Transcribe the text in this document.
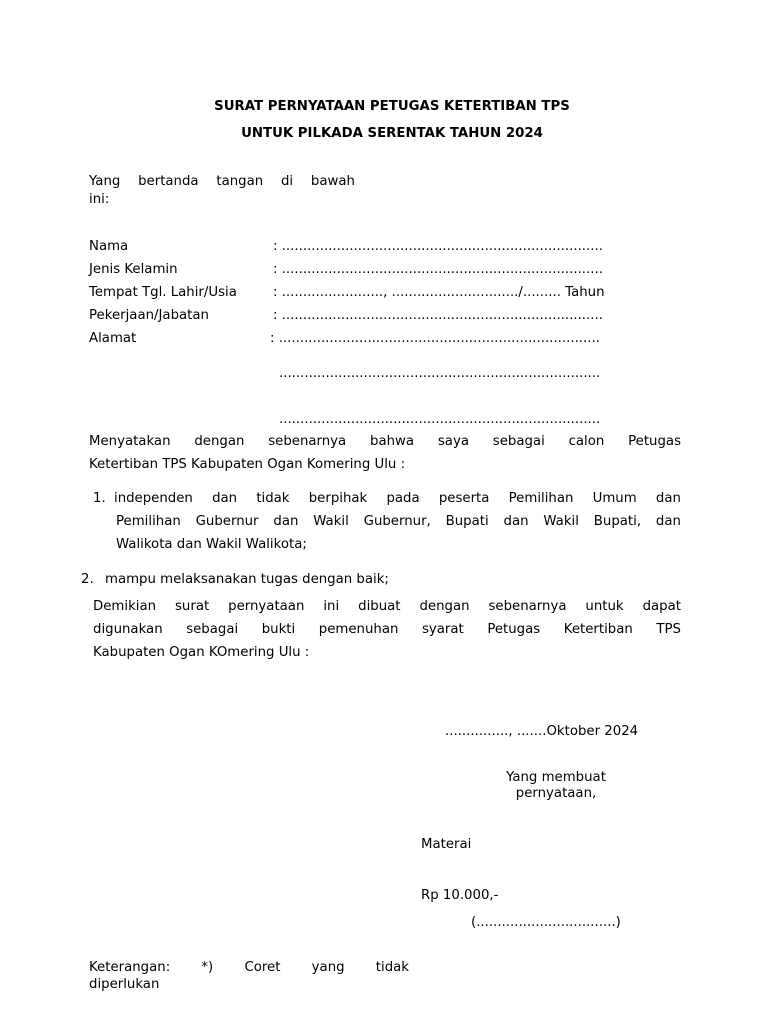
SURAT PERNYATAAN PETUGAS KETERTIBAN TPS
UNTUK PILKADA SERENTAK TAHUN 2024
Yang bertanda tangan di bawah
ini:
Nama	: ............................................................................
Jenis Kelamin	: ............................................................................
Tempat Tgl. Lahir/Usia	: ........................, ............................../......... Tahun
Pekerjaan/Jabatan	: ............................................................................
Alamat	: ............................................................................
............................................................................
............................................................................
Menyatakan dengan sebenarnya bahwa saya sebagai calon Petugas
Ketertiban TPS Kabupaten Ogan Komering Ulu :
1. independen dan tidak berpihak pada peserta Pemilihan Umum dan
Pemilihan Gubernur dan Wakil Gubernur, Bupati dan Wakil Bupati, dan
Walikota dan Wakil Walikota;
2. mampu melaksanakan tugas dengan baik;
Demikian surat pernyataan ini dibuat dengan sebenarnya untuk dapat
digunakan sebagai bukti pemenuhan syarat Petugas Ketertiban TPS
Kabupaten Ogan KOmering Ulu :
..............., .......Oktober 2024
Yang membuat
pernyataan,
Materai
Rp 10.000,-
(.................................)
Keterangan: *) Coret yang tidak
diperlukan
